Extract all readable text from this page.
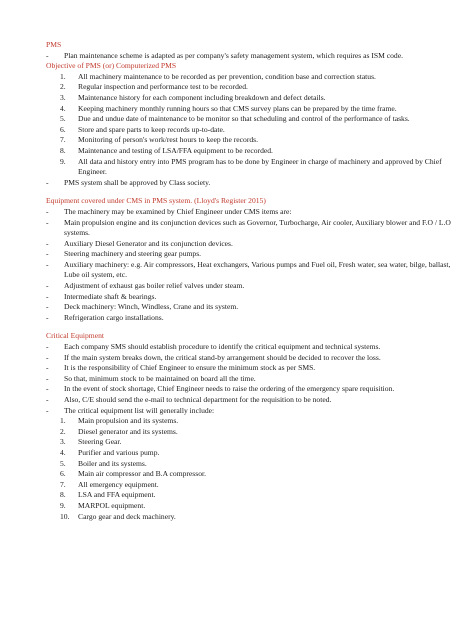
PMS
-	Plan maintenance scheme is adapted as per company's safety management system, which requires as ISM code.
Objective of PMS (or) Computerized PMS
1.	All machinery maintenance to be recorded as per prevention, condition base and correction status.
2.	Regular inspection and performance test to be recorded.
3.	Maintenance history for each component including breakdown and defect details.
4.	Keeping machinery monthly running hours so that CMS survey plans can be prepared by the time frame.
5.	Due and undue date of maintenance to be monitor so that scheduling and control of the performance of tasks.
6.	Store and spare parts to keep records up-to-date.
7.	Monitoring of person's work/rest hours to keep the records.
8.	Maintenance and testing of LSA/FFA equipment to be recorded.
9.	All data and history entry into PMS program has to be done by Engineer in charge of machinery and approved by Chief Engineer.
-	PMS system shall be approved by Class society.
Equipment covered under CMS in PMS system. (Lloyd's Register 2015)
-	The machinery may be examined by Chief Engineer under CMS items are:
-	Main propulsion engine and its conjunction devices such as Governor, Turbocharge, Air cooler, Auxiliary blower and F.O / L.O systems.
-	Auxiliary Diesel Generator and its conjunction devices.
-	Steering machinery and steering gear pumps.
-	Auxiliary machinery: e.g. Air compressors, Heat exchangers, Various pumps and Fuel oil, Fresh water, sea water, bilge, ballast, Lube oil system, etc.
-	Adjustment of exhaust gas boiler relief valves under steam.
-	Intermediate shaft & bearings.
-	Deck machinery: Winch, Windless, Crane and its system.
-	Refrigeration cargo installations.
Critical Equipment
-	Each company SMS should establish procedure to identify the critical equipment and technical systems.
-	If the main system breaks down, the critical stand-by arrangement should be decided to recover the loss.
-	It is the responsibility of Chief Engineer to ensure the minimum stock as per SMS.
-	So that, minimum stock to be maintained on board all the time.
-	In the event of stock shortage, Chief Engineer needs to raise the ordering of the emergency spare requisition.
-	Also, C/E should send the e-mail to technical department for the requisition to be noted.
-	The critical equipment list will generally include:
1.	Main propulsion and its systems.
2.	Diesel generator and its systems.
3.	Steering Gear.
4.	Purifier and various pump.
5.	Boiler and its systems.
6.	Main air compressor and B.A compressor.
7.	All emergency equipment.
8.	LSA and FFA equipment.
9.	MARPOL equipment.
10.	Cargo gear and deck machinery.
